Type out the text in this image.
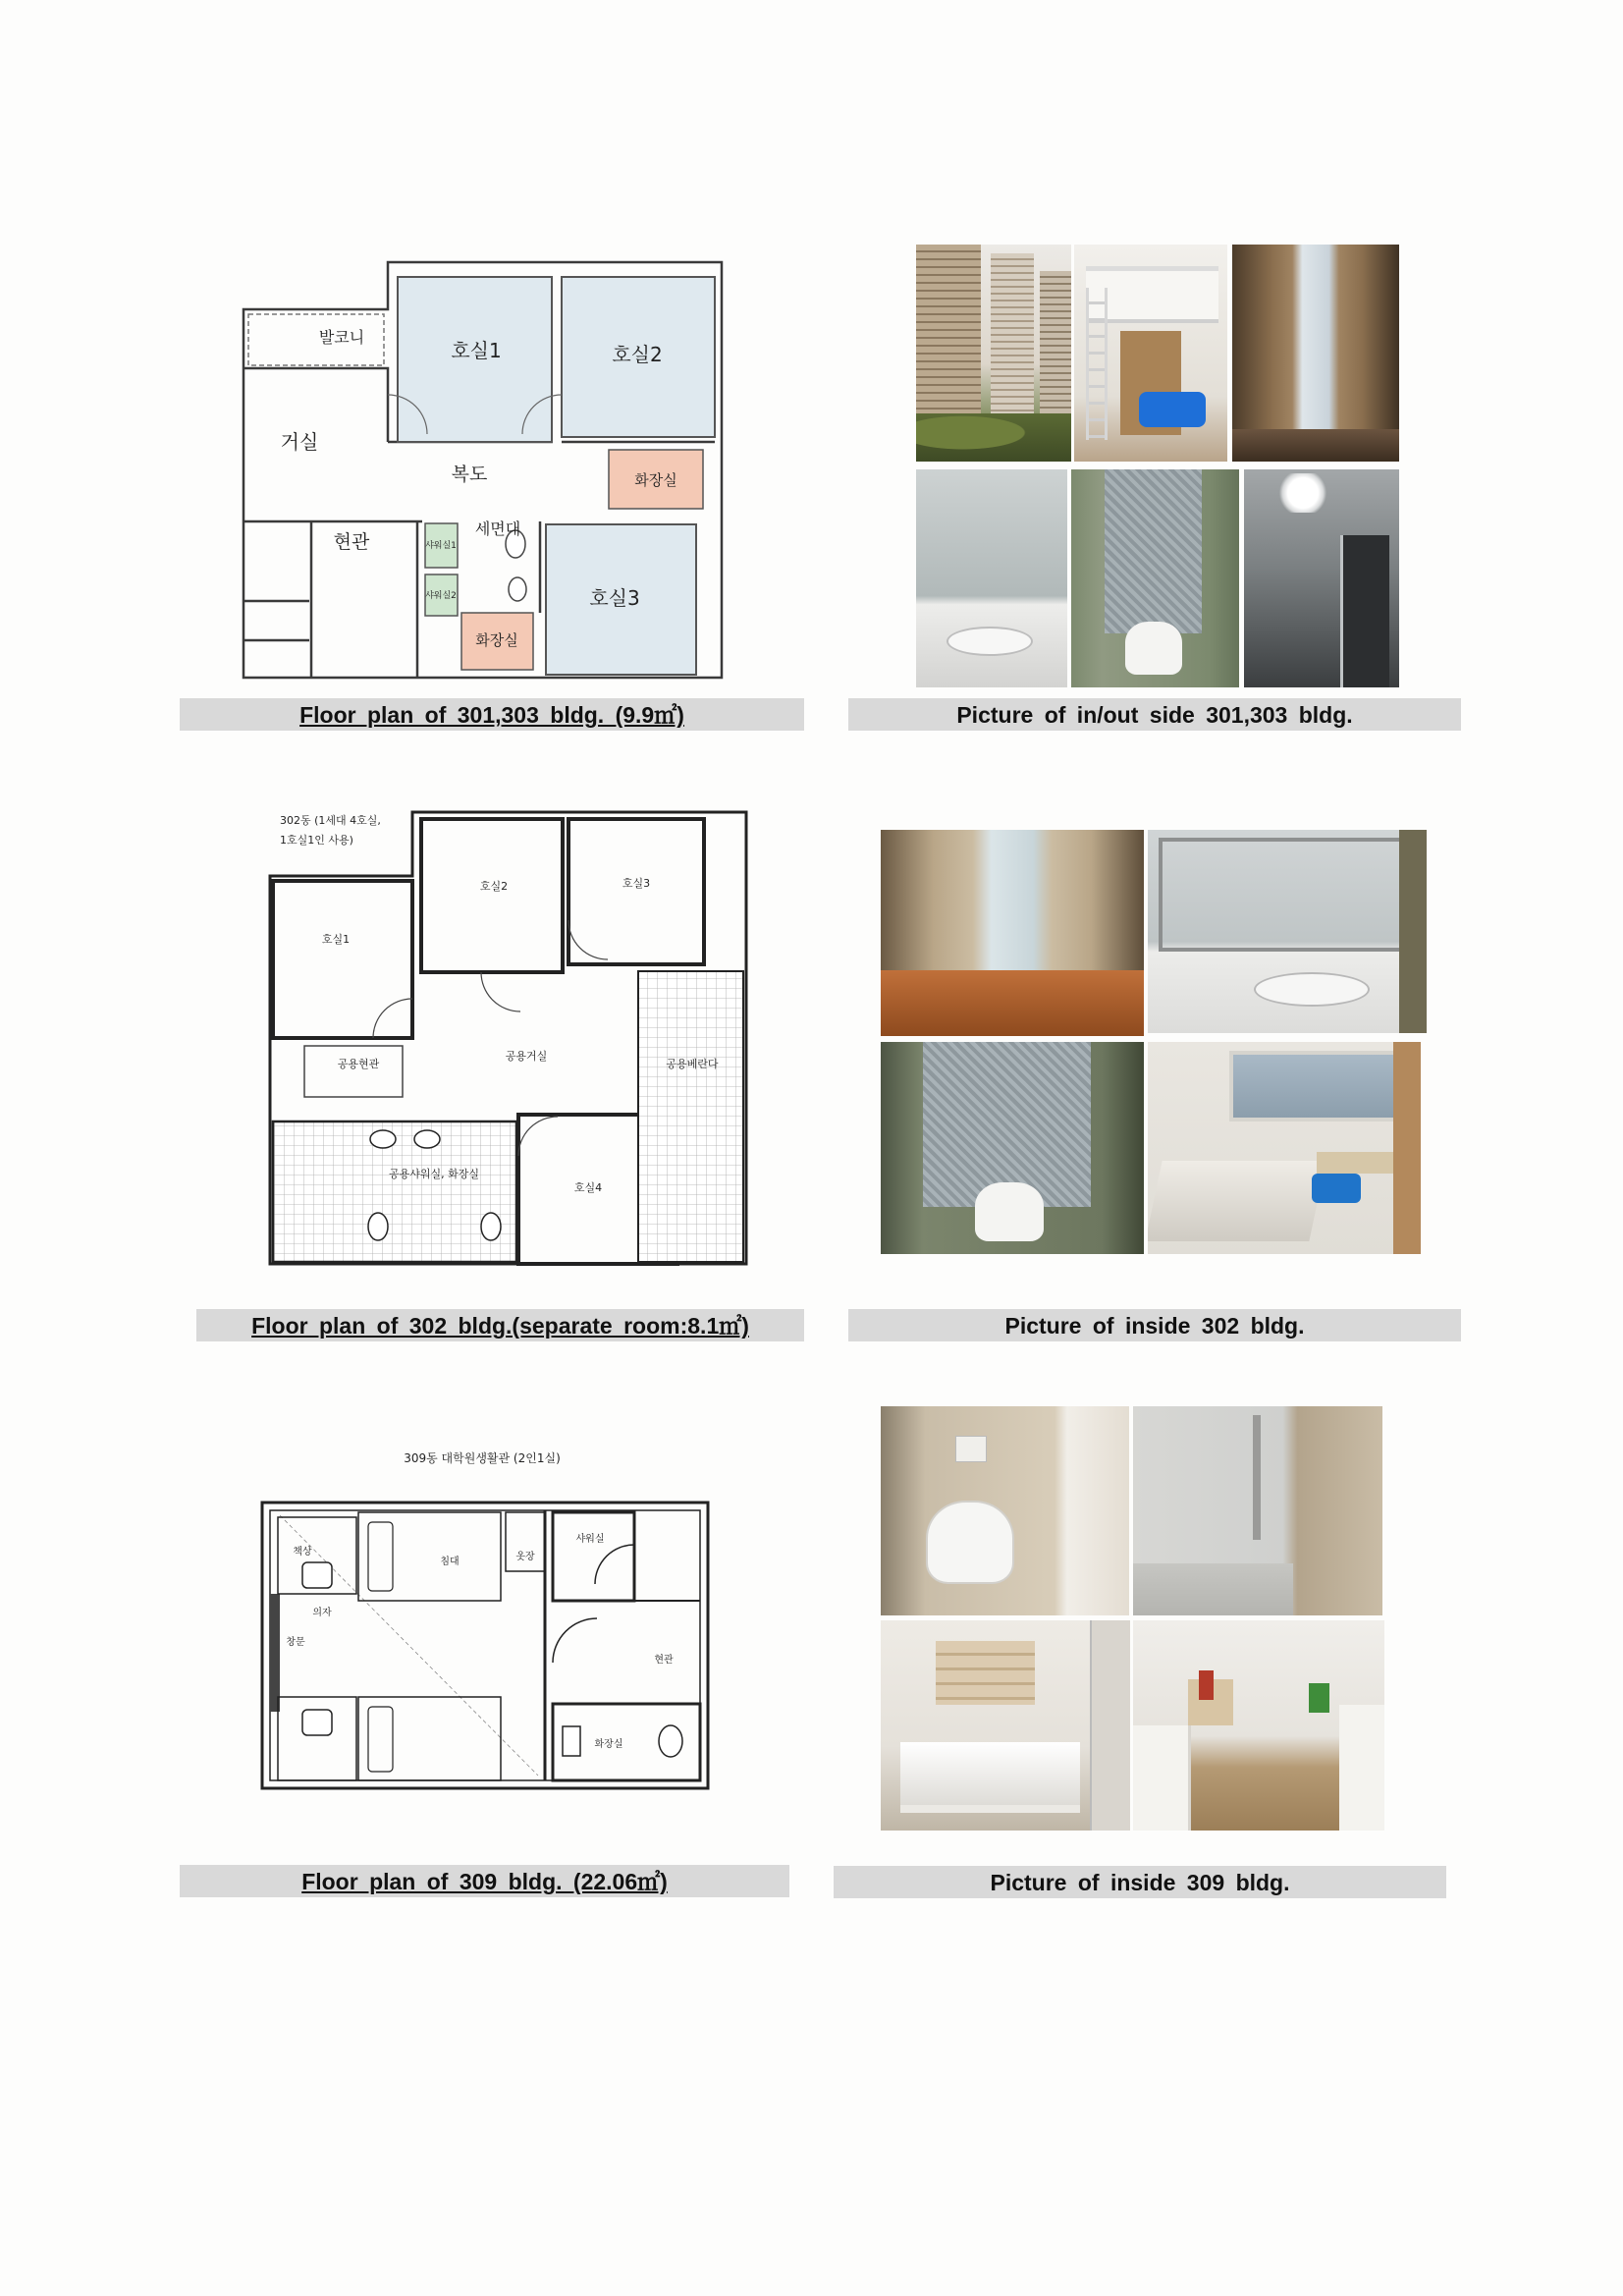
발코니
호실1	호실2
거실
복도	화장실
현관
세면대
샤워실1
샤워실2	호실3
화장실
Floor plan of 301,303 bldg. (9.9㎡)	Picture of in/out side 301,303 bldg.
302동 (1세대 4호실,
1호실1인 사용)
호실1
호실2	호실3
공용현관
공용거실
공용베란다
공용샤워실, 화장실
호실4
Floor plan of 302 bldg.(separate room:8.1㎡)	Picture of inside 302 bldg.
309동 대학원생활관 (2인1실)
책상
침대
의자
창문
옷장
샤워실
현관
화장실
Floor plan of 309 bldg. (22.06㎡)	Picture of inside 309 bldg.
